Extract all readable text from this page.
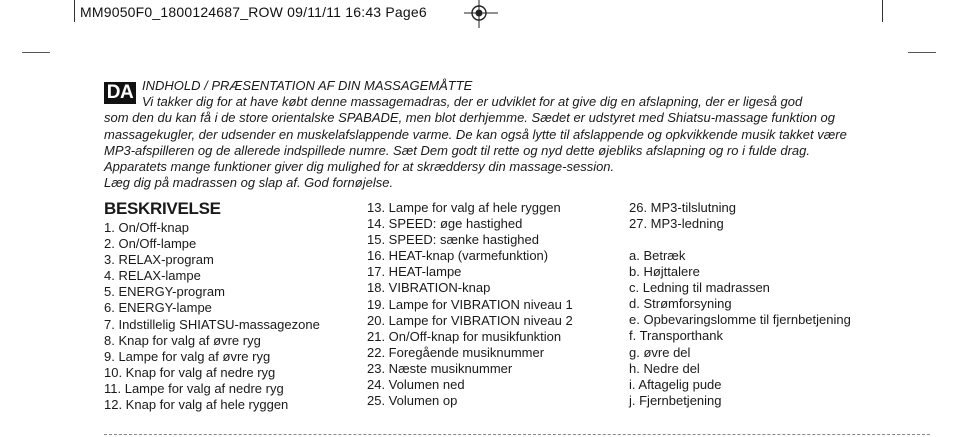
MM9050F0_1800124687_ROW 09/11/11 16:43 Page6
DA INDHOLD / PRÆSENTATION AF DIN MASSAGEMÅTTE
Vi takker dig for at have købt denne massagemadras, der er udviklet for at give dig en afslapning, der er ligeså god
som den du kan få i de store orientalske SPABADE, men blot derhjemme. Sædet er udstyret med Shiatsu-massage funktion og massagekugler, der udsender en muskelafslappende varme. De kan også lytte til afslappende og opkvikkende musik takket være MP3-afspilleren og de allerede indspillede numre. Sæt Dem godt til rette og nyd dette øjebliks afslapning og ro i fulde drag. Apparatets mange funktioner giver dig mulighed for at skræddersy din massage-session.
Læg dig på madrassen og slap af. God fornøjelse.
BESKRIVELSE
1. On/Off-knap
2. On/Off-lampe
3. RELAX-program
4. RELAX-lampe
5. ENERGY-program
6. ENERGY-lampe
7. Indstillelig SHIATSU-massagezone
8. Knap for valg af øvre ryg
9. Lampe for valg af øvre ryg
10. Knap for valg af nedre ryg
11. Lampe for valg af nedre ryg
12. Knap for valg af hele ryggen
13. Lampe for valg af hele ryggen
14. SPEED: øge hastighed
15. SPEED: sænke hastighed
16. HEAT-knap (varmefunktion)
17. HEAT-lampe
18. VIBRATION-knap
19. Lampe for VIBRATION niveau 1
20. Lampe for VIBRATION niveau 2
21. On/Off-knap for musikfunktion
22. Foregående musiknummer
23. Næste musiknummer
24. Volumen ned
25. Volumen op
26. MP3-tilslutning
27. MP3-ledning
a. Betræk
b. Højttalere
c. Ledning til madrassen
d. Strømforsyning
e. Opbevaringslomme til fjernbetjening
f. Transporthank
g. øvre del
h. Nedre del
i. Aftagelig pude
j. Fjernbetjening
